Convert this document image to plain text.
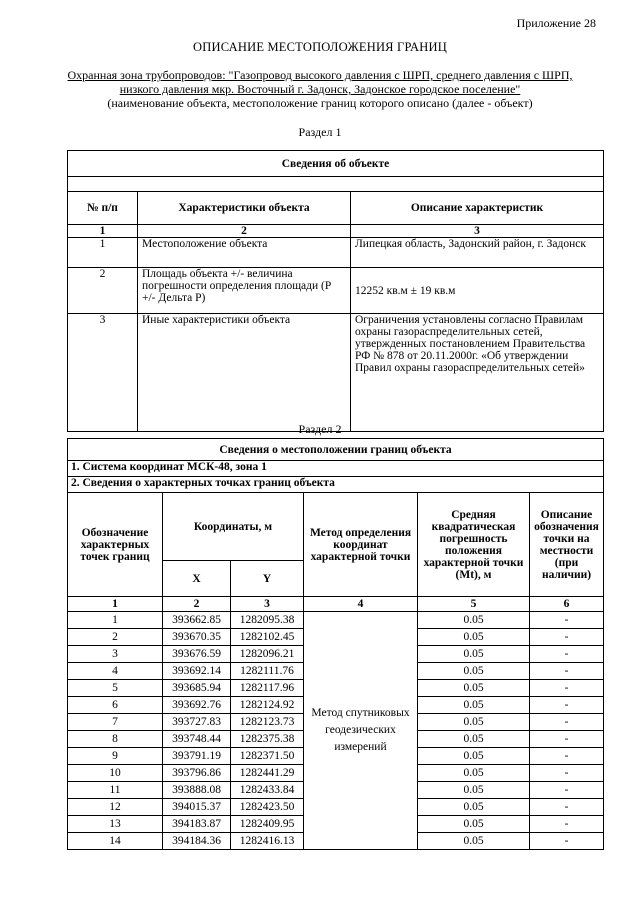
Приложение 28
ОПИСАНИЕ МЕСТОПОЛОЖЕНИЯ ГРАНИЦ
Охранная зона трубопроводов: "Газопровод высокого давления с ШРП, среднего давления с ШРП,
низкого давления мкр. Восточный г. Задонск, Задонское городское поселение"
(наименование объекта, местоположение границ которого описано (далее - объект)
Раздел 1
Сведения об объекте		

№ п/п	Характеристики объекта	Описание характеристик
1	2	3
1	Местоположение объекта	Липецкая область, Задонский район, г. Задонск
2	Площадь объекта +/- величина погрешности определения площади (Р +/- Дельта Р)	12252 кв.м ± 19 кв.м
3	Иные характеристики объекта	Ограничения установлены согласно Правилам охраны газораспределительных сетей, утвержденных постановлением Правительства РФ № 878 от 20.11.2000г. «Об утверждении Правил охраны газораспределительных сетей»
Раздел 2
Сведения о местоположении границ объекта					
1. Система координат МСК-48, зона 1					
2. Сведения о характерных точках границ объекта					
Обозначение характерных точек границ	Координаты, м		Метод определения координат характерной точки	Средняя квадратическая погрешность положения характерной точки (Мt), м	Описание обозначения точки на местности (при наличии)
	X	Y			
1	2	3	4	5	6
1	393662.85	1282095.38	Метод спутниковых геодезических измерений	0.05	-
2	393670.35	1282102.45		0.05	-
3	393676.59	1282096.21		0.05	-
4	393692.14	1282111.76		0.05	-
5	393685.94	1282117.96		0.05	-
6	393692.76	1282124.92		0.05	-
7	393727.83	1282123.73		0.05	-
8	393748.44	1282375.38		0.05	-
9	393791.19	1282371.50		0.05	-
10	393796.86	1282441.29		0.05	-
11	393888.08	1282433.84		0.05	-
12	394015.37	1282423.50		0.05	-
13	394183.87	1282409.95		0.05	-
14	394184.36	1282416.13		0.05	-
